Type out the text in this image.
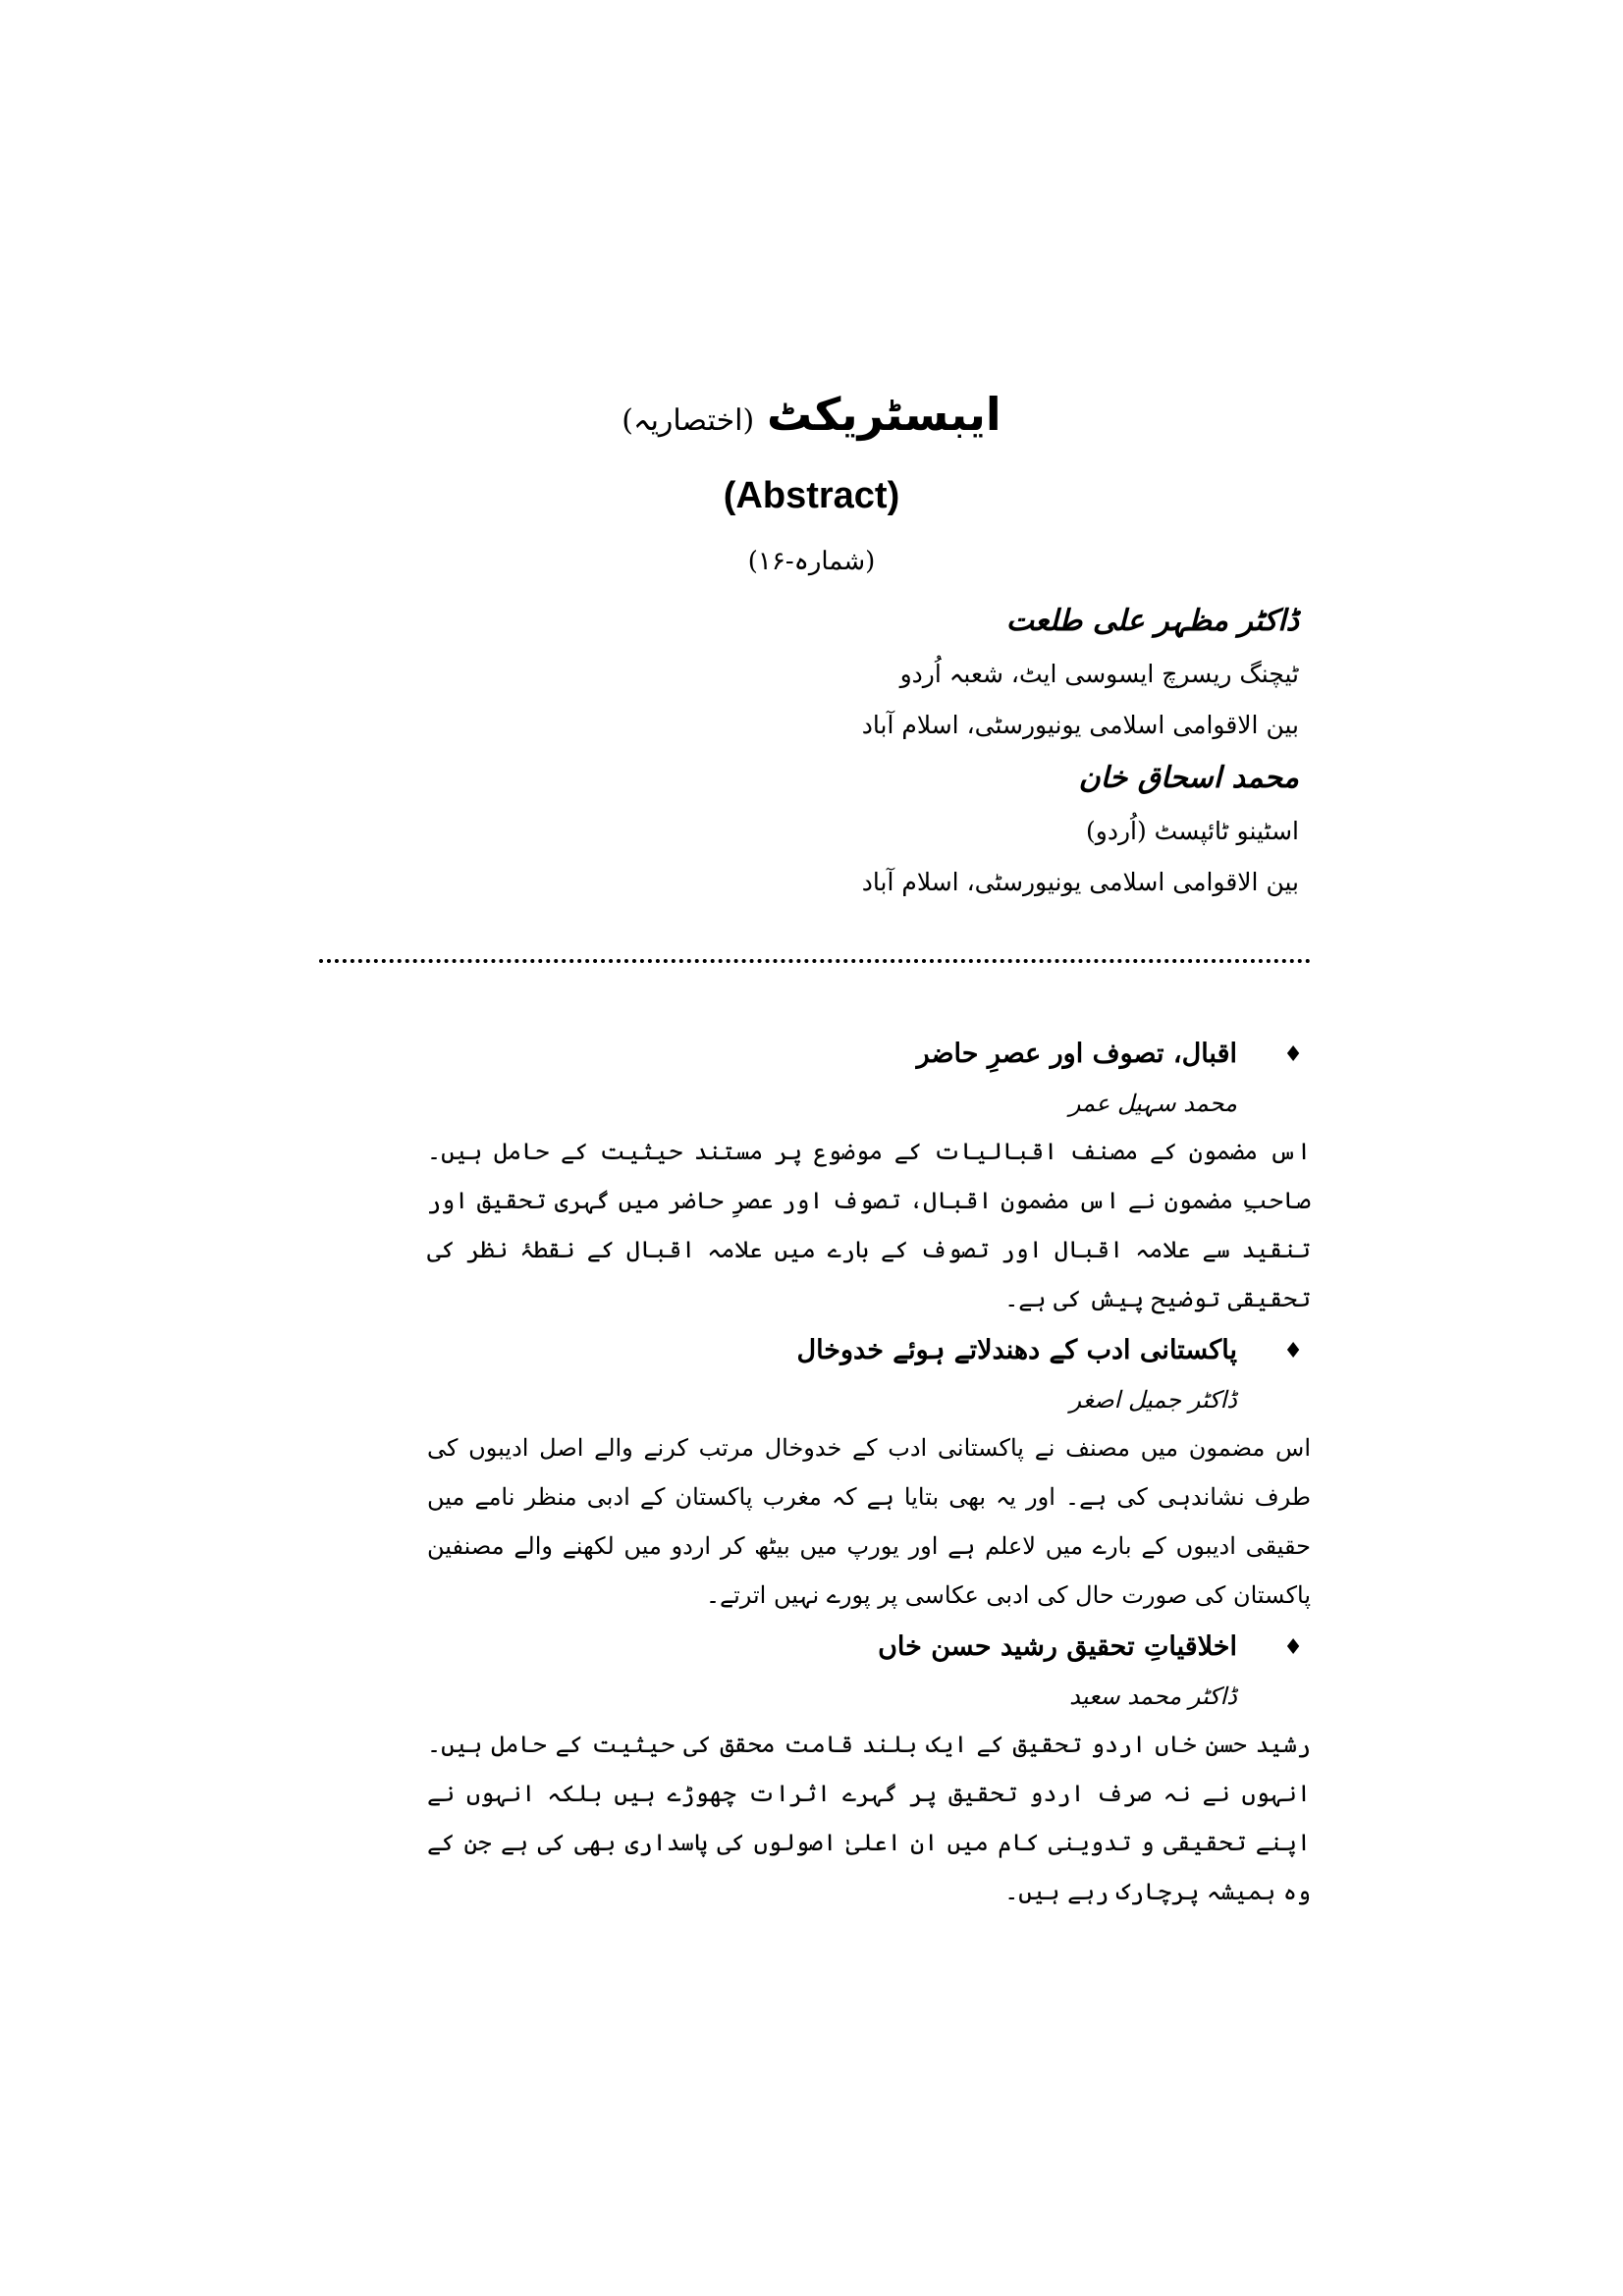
ایبسٹریکٹ (اختصاریہ)
(Abstract)
(شمارہ-۱۶)

ڈاکٹر مظہر علی طلعت

ٹیچنگ ریسرچ ایسوسی ایٹ، شعبہ اُردو

بین الاقوامی اسلامی یونیورسٹی، اسلام آباد

محمد اسحاق خان

اسٹینو ٹائپسٹ (اُردو)

بین الاقوامی اسلامی یونیورسٹی، اسلام آباد

♦
اقبال، تصوف اور عصرِ حاضر

محمد سہیل عمر

اس مضمون کے مصنف اقبالیات کے موضوع پر مستند حیثیت کے حامل ہیں۔ صاحبِ مضمون نے اس مضمون اقبال، تصوف اور عصرِ حاضر میں گہری تحقیق اور تنقید سے علامہ اقبال اور تصوف کے بارے میں علامہ اقبال کے نقطۂ نظر کی تحقیقی توضیح پیش کی ہے۔

♦
پاکستانی ادب کے دھندلاتے ہوئے خدوخال

ڈاکٹر جمیل اصغر

اس مضمون میں مصنف نے پاکستانی ادب کے خدوخال مرتب کرنے والے اصل ادیبوں کی طرف نشاندہی کی ہے۔ اور یہ بھی بتایا ہے کہ مغرب پاکستان کے ادبی منظر نامے میں حقیقی ادیبوں کے بارے میں لاعلم ہے اور یورپ میں بیٹھ کر اردو میں لکھنے والے مصنفین پاکستان کی صورت حال کی ادبی عکاسی پر پورے نہیں اترتے۔

♦
اخلاقیاتِ تحقیق رشید حسن خاں

ڈاکٹر محمد سعید

رشید حسن خاں اردو تحقیق کے ایک بلند قامت محقق کی حیثیت کے حامل ہیں۔ انہوں نے نہ صرف اردو تحقیق پر گہرے اثرات چھوڑے ہیں بلکہ انہوں نے اپنے تحقیقی و تدوینی کام میں ان اعلیٰ اصولوں کی پاسداری بھی کی ہے جن کے وہ ہمیشہ پرچارک رہے ہیں۔
